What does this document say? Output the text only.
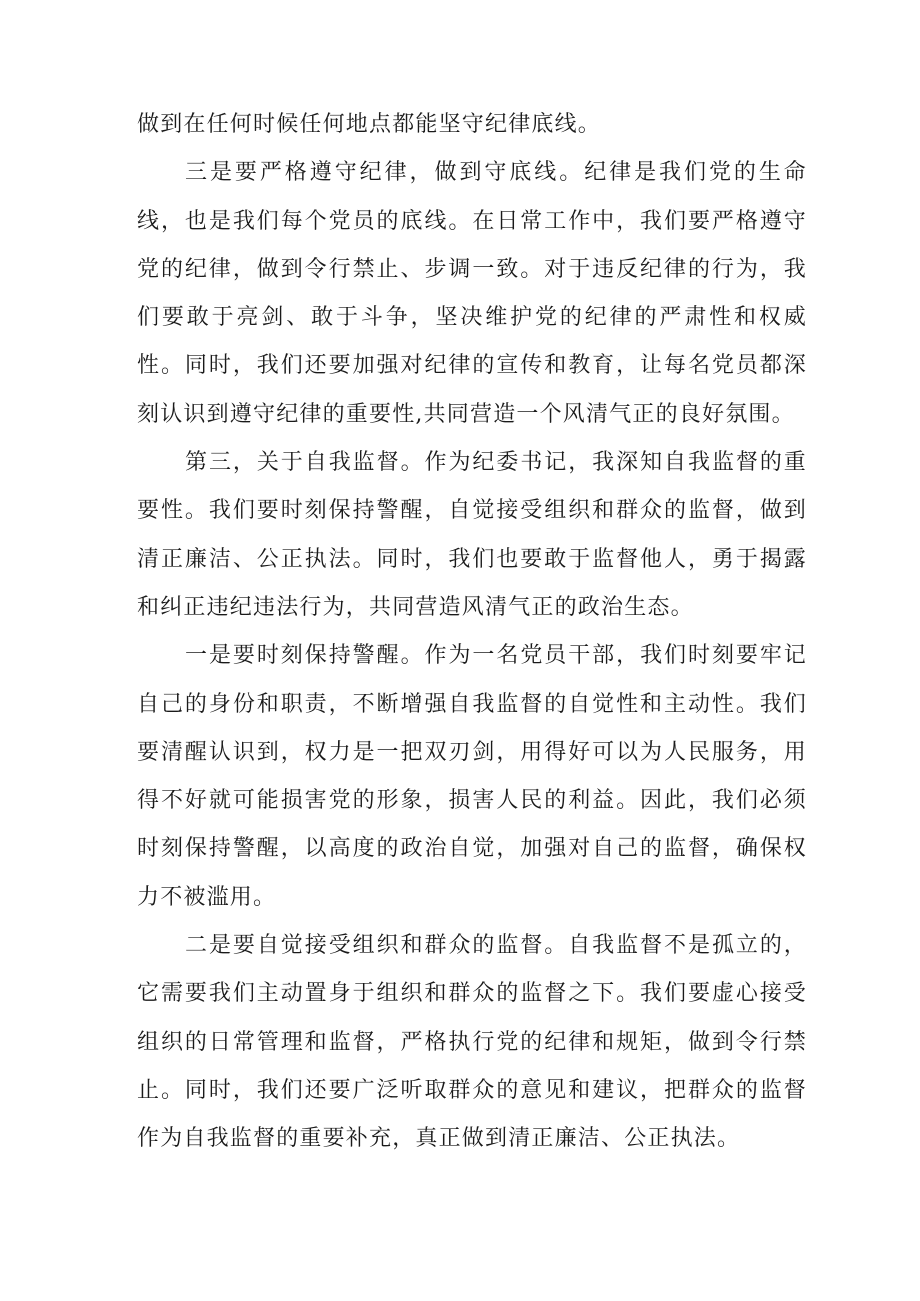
做到在任何时候任何地点都能坚守纪律底线。

三是要严格遵守纪律，做到守底线。纪律是我们党的生命线，也是我们每个党员的底线。在日常工作中，我们要严格遵守党的纪律，做到令行禁止、步调一致。对于违反纪律的行为，我们要敢于亮剑、敢于斗争，坚决维护党的纪律的严肃性和权威性。同时，我们还要加强对纪律的宣传和教育，让每名党员都深刻认识到遵守纪律的重要性,共同营造一个风清气正的良好氛围。

第三，关于自我监督。作为纪委书记，我深知自我监督的重要性。我们要时刻保持警醒，自觉接受组织和群众的监督，做到清正廉洁、公正执法。同时，我们也要敢于监督他人，勇于揭露和纠正违纪违法行为，共同营造风清气正的政治生态。

一是要时刻保持警醒。作为一名党员干部，我们时刻要牢记自己的身份和职责，不断增强自我监督的自觉性和主动性。我们要清醒认识到，权力是一把双刃剑，用得好可以为人民服务，用得不好就可能损害党的形象，损害人民的利益。因此，我们必须时刻保持警醒，以高度的政治自觉，加强对自己的监督，确保权力不被滥用。

二是要自觉接受组织和群众的监督。自我监督不是孤立的，它需要我们主动置身于组织和群众的监督之下。我们要虚心接受组织的日常管理和监督，严格执行党的纪律和规矩，做到令行禁止。同时，我们还要广泛听取群众的意见和建议，把群众的监督作为自我监督的重要补充，真正做到清正廉洁、公正执法。
